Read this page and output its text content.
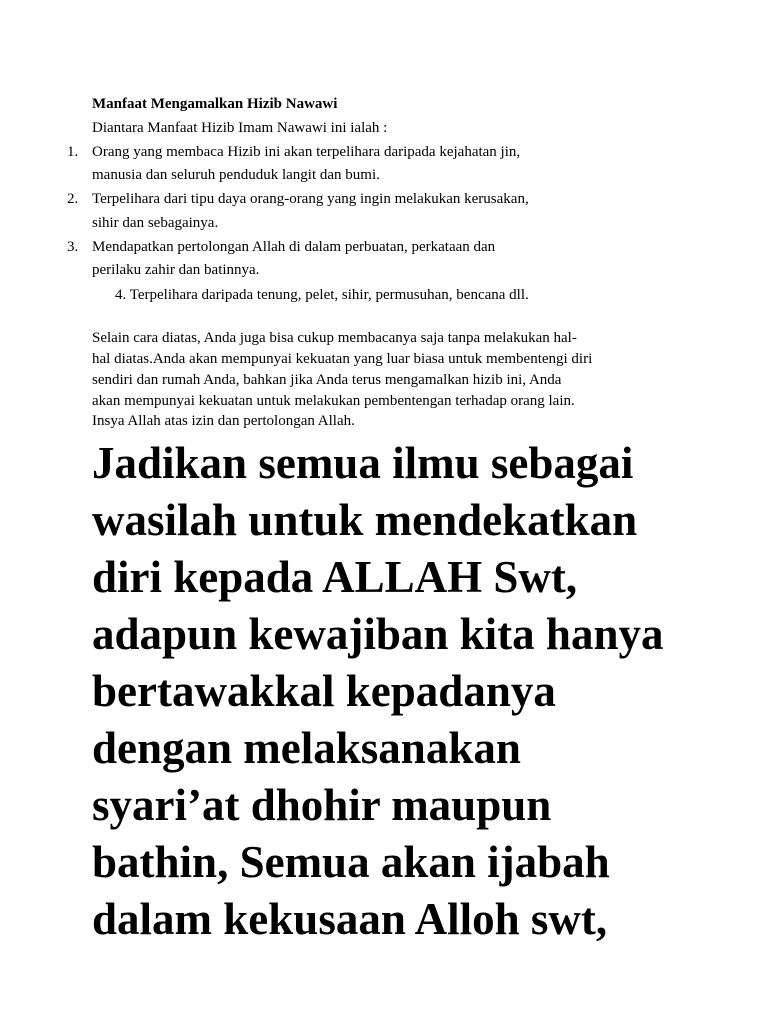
Manfaat Mengamalkan Hizib Nawawi
Diantara Manfaat Hizib Imam Nawawi ini ialah :
1. Orang yang membaca Hizib ini akan terpelihara daripada kejahatan jin,
manusia dan seluruh penduduk langit dan bumi.
2. Terpelihara dari tipu daya orang-orang yang ingin melakukan kerusakan,
sihir dan sebagainya.
3. Mendapatkan pertolongan Allah di dalam perbuatan, perkataan dan
perilaku zahir dan batinnya.
4. Terpelihara daripada tenung, pelet, sihir, permusuhan, bencana dll.
Selain cara diatas, Anda juga bisa cukup membacanya saja tanpa melakukan hal-
hal diatas.Anda akan mempunyai kekuatan yang luar biasa untuk membentengi diri
sendiri dan rumah Anda, bahkan jika Anda terus mengamalkan hizib ini, Anda
akan mempunyai kekuatan untuk melakukan pembentengan terhadap orang lain.
Insya Allah atas izin dan pertolongan Allah.
Jadikan semua ilmu sebagai
wasilah untuk mendekatkan
diri kepada ALLAH Swt,
adapun kewajiban kita hanya
bertawakkal kepadanya
dengan melaksanakan
syari’at dhohir maupun
bathin, Semua akan ijabah
dalam kekusaan Alloh swt,
